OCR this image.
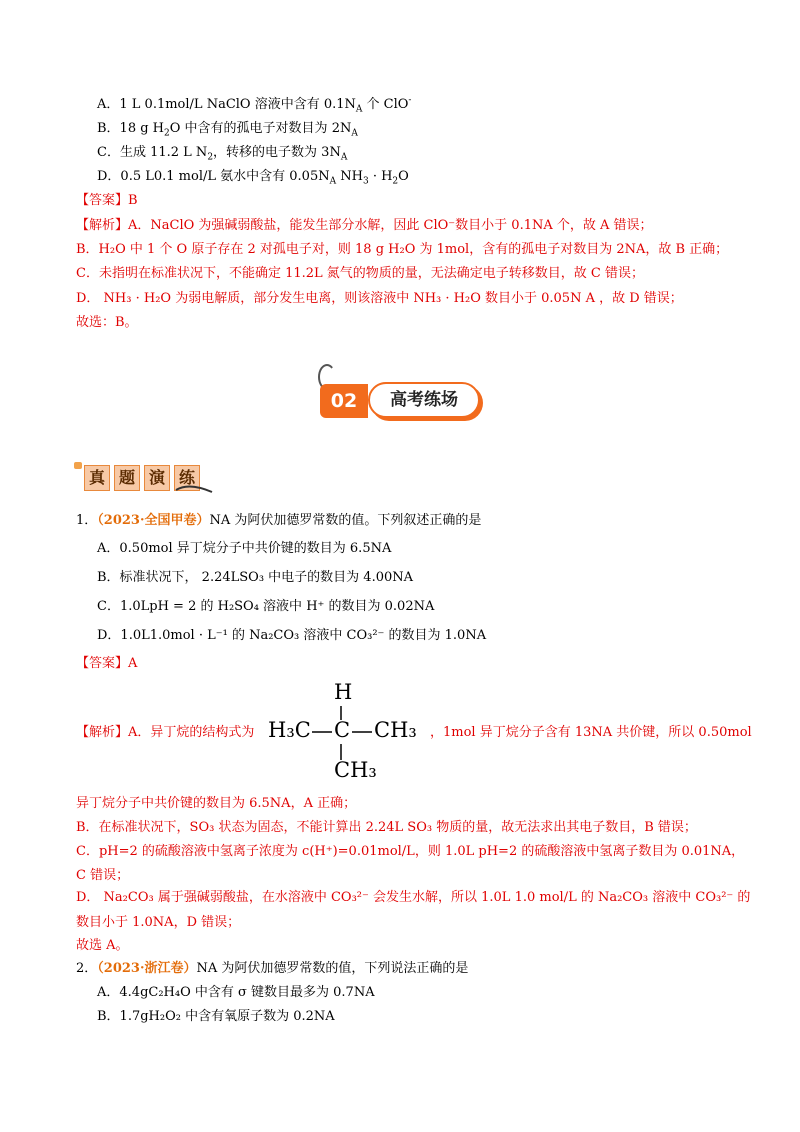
A．1 L 0.1mol/L NaClO 溶液中含有 $0.1N_A$ 个 ClO-
B．18 g $H_2O$ 中含有的孤电子对数目为 $2N_A$
C．生成 11.2 L $N_2$，转移的电子数为 $3N_A$
D．0.5 L0.1 mol/L 氨水中含有 $0.05N_A$ $NH_3 \cdot H_2O$
【答案】B
【解析】A．NaClO 为强碱弱酸盐，能发生部分水解，因此 ClO⁻数目小于 0.1NA 个，故 A 错误；
B．H₂O 中 1 个 O 原子存在 2 对孤电子对，则 18 g H₂O 为 1mol，含有的孤电子对数目为 2NA，故 B 正确；
C．未指明在标准状况下，不能确定 11.2L 氮气的物质的量，无法确定电子转移数目，故 C 错误；
D． NH₃ · H₂O 为弱电解质，部分发生电离，则该溶液中 NH₃ · H₂O 数目小于 0.05N A ，故 D 错误；
故选：B。
02	高考练场
真 题 演 练
1．（2023·全国甲卷）NA 为阿伏加德罗常数的值。下列叙述正确的是
A．0.50mol 异丁烷分子中共价键的数目为 6.5NA
B．标准状况下， 2.24LSO₃ 中电子的数目为 4.00NA
C．1.0LpH = 2 的 H₂SO₄ 溶液中 H⁺ 的数目为 0.02NA
D．1.0L1.0mol · L⁻¹ 的 Na₂CO₃ 溶液中 CO₃²⁻ 的数目为 1.0NA
【答案】A
H
H₃C C CH₃
CH₃
【解析】A．异丁烷的结构式为	，1mol 异丁烷分子含有 13NA 共价键，所以 0.50mol
异丁烷分子中共价键的数目为 6.5NA，A 正确；
B．在标准状况下，SO₃ 状态为固态，不能计算出 2.24L SO₃ 物质的量，故无法求出其电子数目，B 错误；
C．pH=2 的硫酸溶液中氢离子浓度为 c(H⁺)=0.01mol/L，则 1.0L pH=2 的硫酸溶液中氢离子数目为 0.01NA，
C 错误；
D． Na₂CO₃ 属于强碱弱酸盐，在水溶液中 CO₃²⁻ 会发生水解，所以 1.0L 1.0 mol/L 的 Na₂CO₃ 溶液中 CO₃²⁻ 的
数目小于 1.0NA，D 错误；
故选 A。
2．（2023·浙江卷）NA 为阿伏加德罗常数的值，下列说法正确的是
A．4.4gC₂H₄O 中含有 σ 键数目最多为 0.7NA
B．1.7gH₂O₂ 中含有氧原子数为 0.2NA
